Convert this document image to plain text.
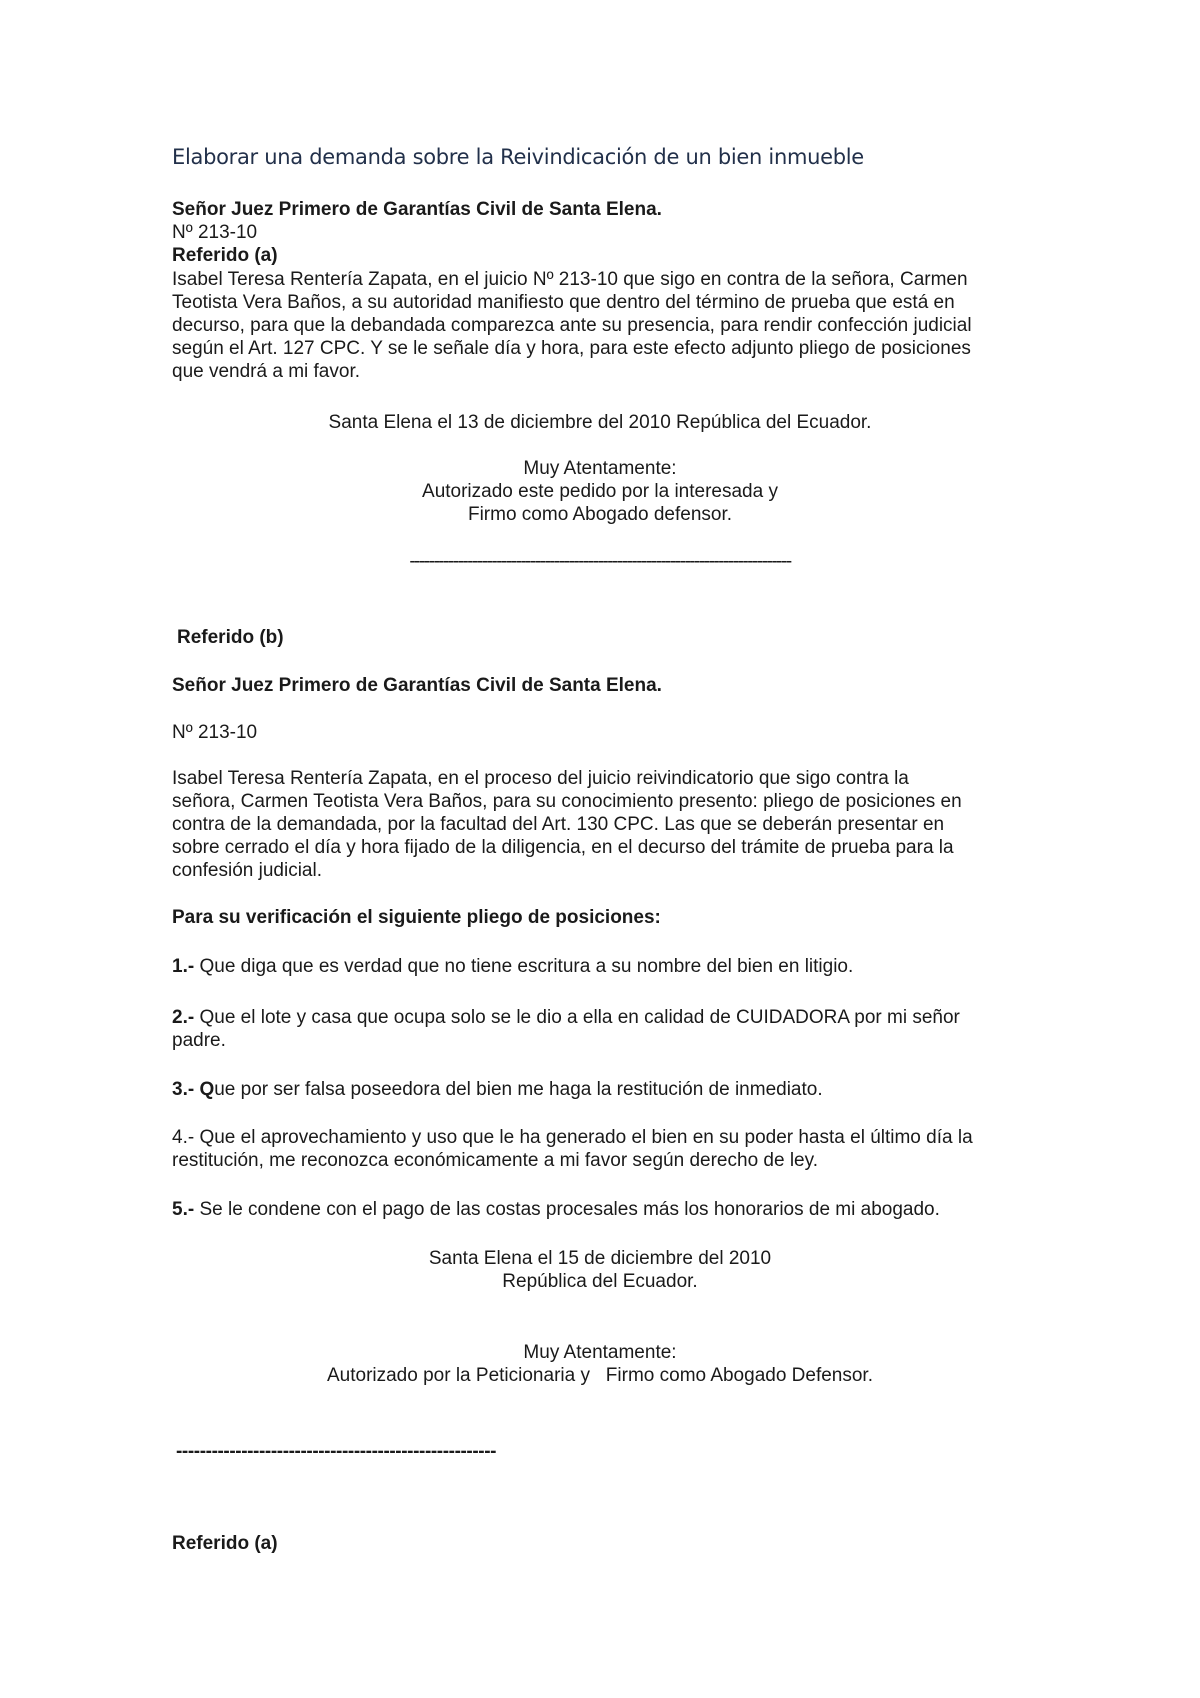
Elaborar una demanda sobre la Reivindicación de un bien inmueble

Señor Juez Primero de Garantías Civil de Santa Elena.

Nº 213-10

Referido (a)

Isabel Teresa Rentería Zapata, en el juicio Nº 213-10 que sigo en contra de la señora, Carmen

Teotista Vera Baños, a su autoridad manifiesto que dentro del término de prueba que está en

decurso, para que la debandada comparezca ante su presencia, para rendir confección judicial

según el Art. 127 CPC. Y se le señale día y hora, para este efecto adjunto pliego de posiciones

que vendrá a mi favor.

Santa Elena el 13 de diciembre del 2010 República del Ecuador.

Muy Atentamente:

Autorizado este pedido por la interesada y

Firmo como Abogado defensor.

-------------------------------------------------------------------------------

Referido (b)

Señor Juez Primero de Garantías Civil de Santa Elena.

Nº 213-10

Isabel Teresa Rentería Zapata, en el proceso del juicio reivindicatorio que sigo contra la

señora, Carmen Teotista Vera Baños, para su conocimiento presento: pliego de posiciones en

contra de la demandada, por la facultad del Art. 130 CPC. Las que se deberán presentar en

sobre cerrado el día y hora fijado de la diligencia, en el decurso del trámite de prueba para la

confesión judicial.

Para su verificación el siguiente pliego de posiciones:

1.- Que diga que es verdad que no tiene escritura a su nombre del bien en litigio.

2.- Que el lote y casa que ocupa solo se le dio a ella en calidad de CUIDADORA por mi señor

padre.

3.- Que por ser falsa poseedora del bien me haga la restitución de inmediato.

4.- Que el aprovechamiento y uso que le ha generado el bien en su poder hasta el último día la

restitución, me reconozca económicamente a mi favor según derecho de ley.

5.- Se le condene con el pago de las costas procesales más los honorarios de mi abogado.

Santa Elena el 15 de diciembre del 2010

República del Ecuador.

Muy Atentamente:

Autorizado por la Peticionaria y   Firmo como Abogado Defensor.

------------------------------------------------------

Referido (a)
